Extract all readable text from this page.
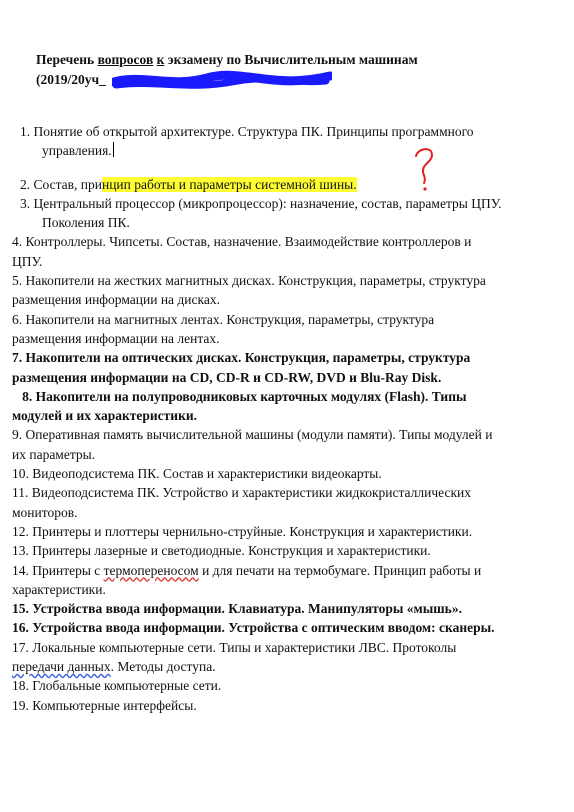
Перечень вопросов к экзамену по Вычислительным машинам
(2019/20уч_
1. Понятие об открытой архитектуре. Структура ПК. Принципы программного
управления.
2. Состав, принцип работы и параметры системной шины.
3. Центральный процессор (микропроцессор): назначение, состав, параметры ЦПУ.
Поколения ПК.
4. Контроллеры. Чипсеты. Состав, назначение. Взаимодействие контроллеров и
ЦПУ.
5. Накопители на жестких магнитных дисках. Конструкция, параметры, структура
размещения информации на дисках.
6. Накопители на магнитных лентах. Конструкция, параметры, структура
размещения информации на лентах.
7. Накопители на оптических дисках. Конструкция, параметры, структура
размещения информации на CD, CD-R и CD-RW, DVD и Blu-Ray Disk.
8. Накопители на полупроводниковых карточных модулях (Flash). Типы
модулей и их характеристики.
9. Оперативная память вычислительной машины (модули памяти). Типы модулей и
их параметры.
10. Видеоподсистема ПК. Состав и характеристики видеокарты.
11. Видеоподсистема ПК. Устройство и характеристики жидкокристаллических
мониторов.
12. Принтеры и плоттеры чернильно-струйные. Конструкция и характеристики.
13. Принтеры лазерные и светодиодные. Конструкция и характеристики.
14. Принтеры с термопереносом и для печати на термобумаге. Принцип работы и
характеристики.
15. Устройства ввода информации. Клавиатура. Манипуляторы «мышь».
16. Устройства ввода информации. Устройства с оптическим вводом: сканеры.
17. Локальные компьютерные сети. Типы и характеристики ЛВС. Протоколы
передачи данных. Методы доступа.
18. Глобальные компьютерные сети.
19. Компьютерные интерфейсы.
